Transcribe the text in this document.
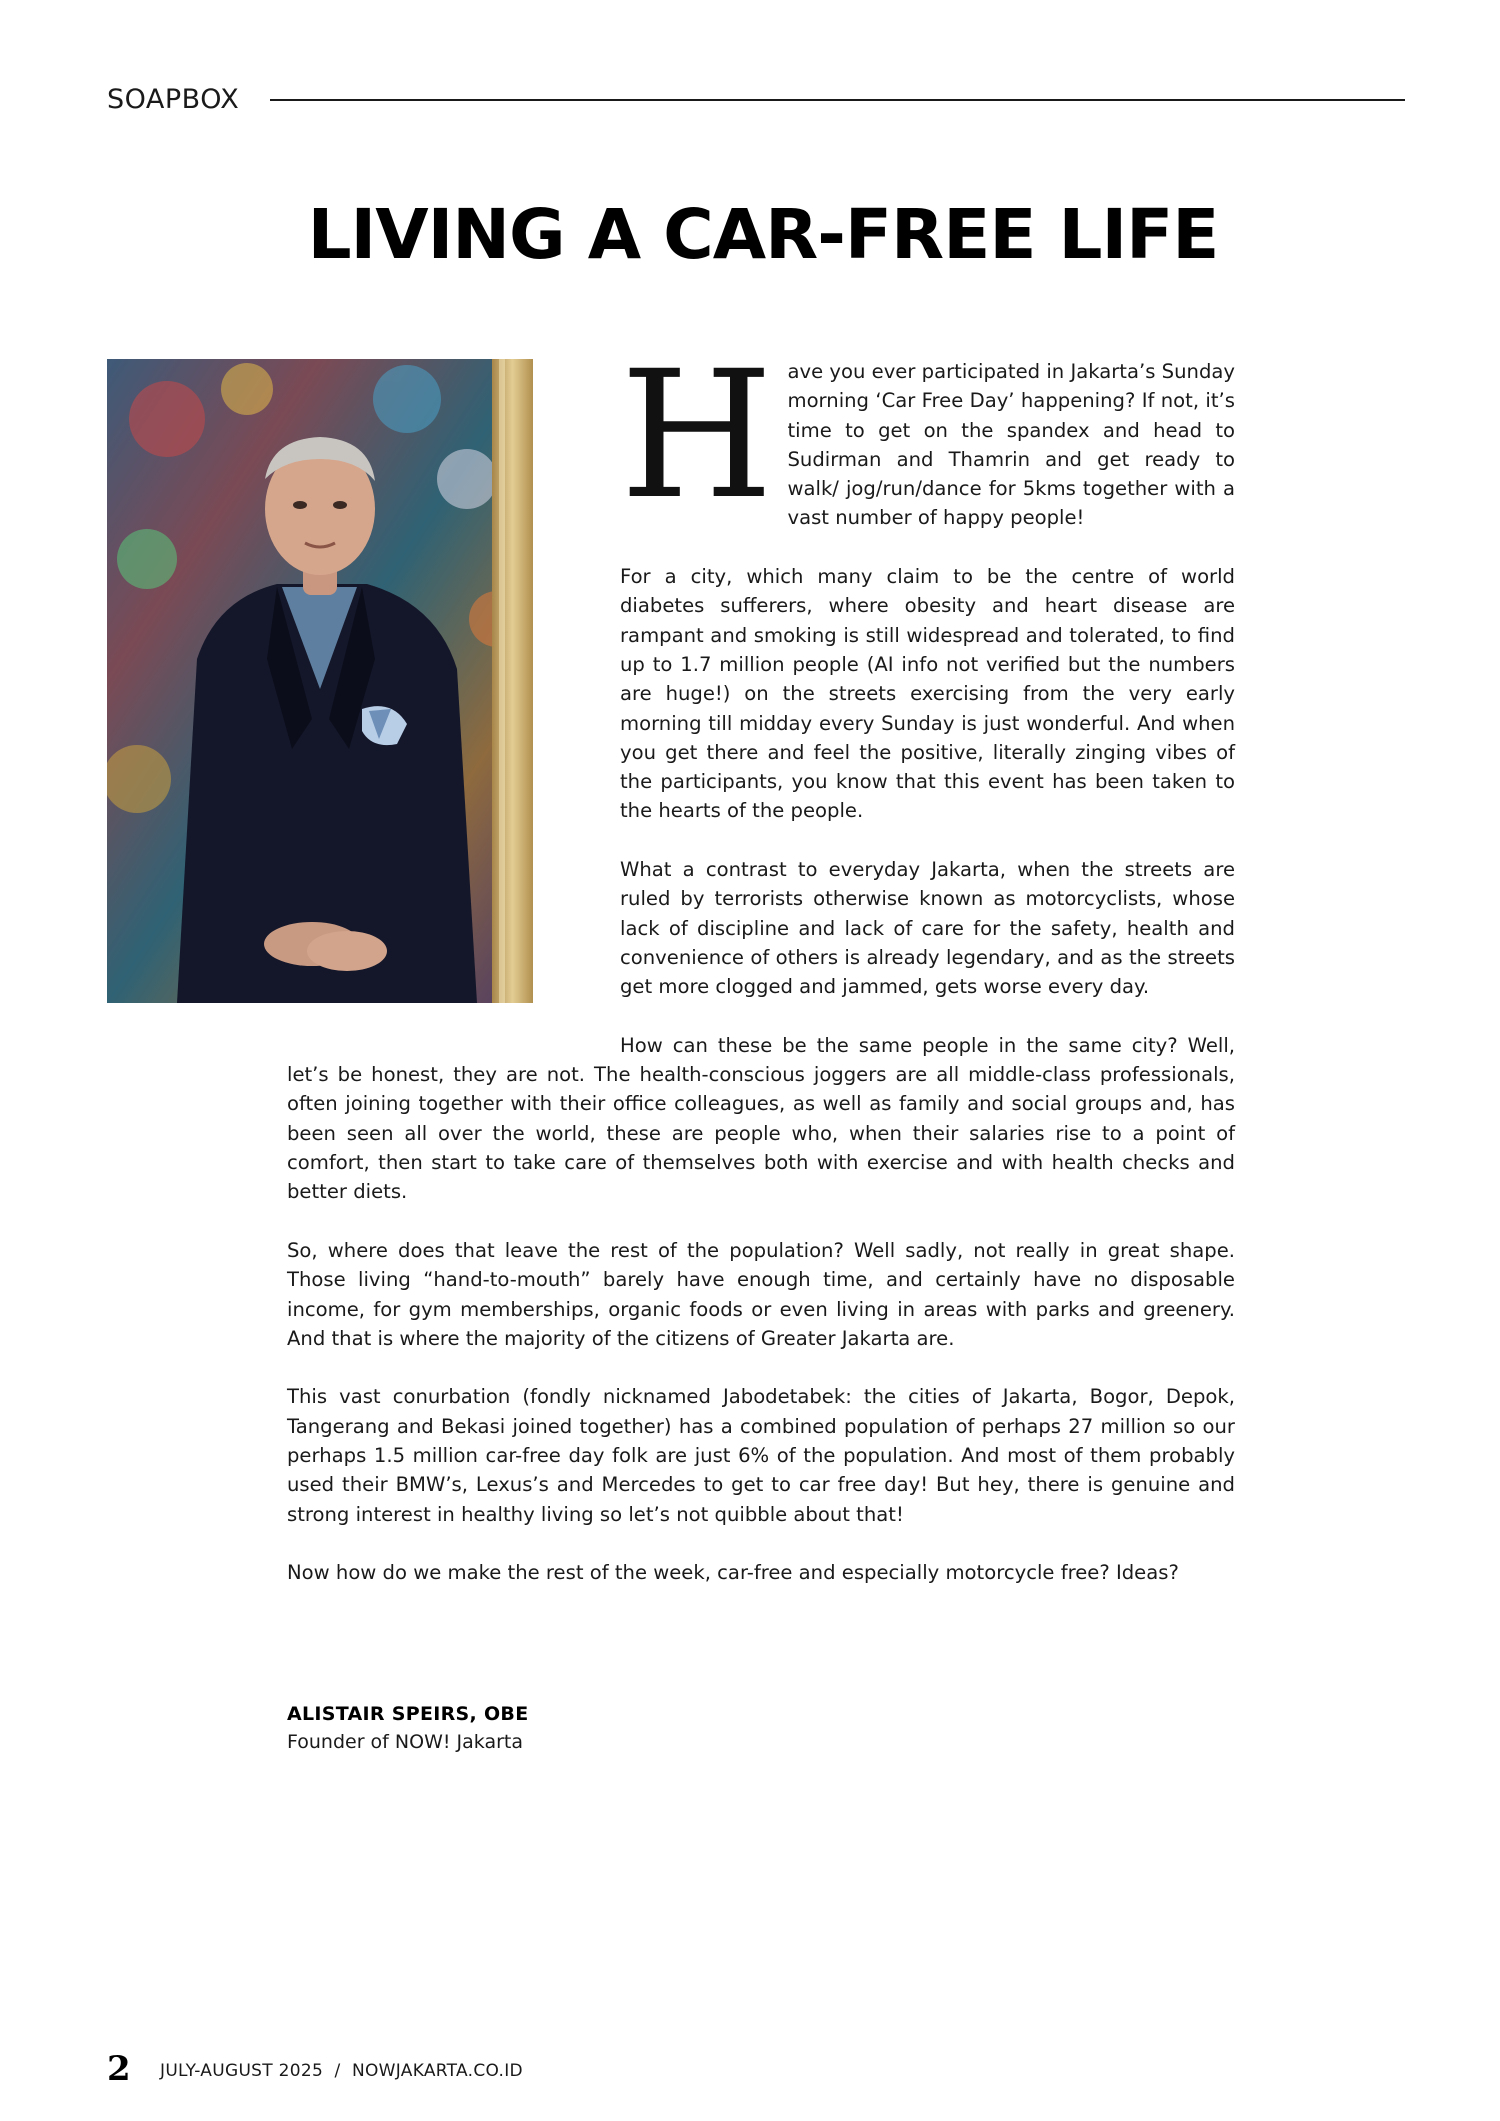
SOAPBOX
LIVING A CAR-FREE LIFE

Have you ever participated in Jakarta’s Sunday morning ‘Car Free Day’ happening? If not, it’s time to get on the spandex and head to Sudirman and Thamrin and get ready to walk/ jog/run/dance for 5kms together with a vast number of happy people!

For a city, which many claim to be the centre of world diabetes sufferers, where obesity and heart disease are rampant and smoking is still widespread and tolerated, to find up to 1.7 million people (AI info not verified but the numbers are huge!) on the streets exercising from the very early morning till midday every Sunday is just wonderful. And when you get there and feel the positive, literally zinging vibes of the participants, you know that this event has been taken to the hearts of the people.

What a contrast to everyday Jakarta, when the streets are ruled by terrorists otherwise known as motorcyclists, whose lack of discipline and lack of care for the safety, health and convenience of others is already legendary, and as the streets get more clogged and jammed, gets worse every day.

How can these be the same people in the same city? Well, let’s be honest, they are not. The health-conscious joggers are all middle-class professionals, often joining together with their office colleagues, as well as family and social groups and, has been seen all over the world, these are people who, when their salaries rise to a point of comfort, then start to take care of themselves both with exercise and with health checks and better diets.

So, where does that leave the rest of the population? Well sadly, not really in great shape. Those living “hand-to-mouth” barely have enough time, and certainly have no disposable income, for gym memberships, organic foods or even living in areas with parks and greenery. And that is where the majority of the citizens of Greater Jakarta are.

This vast conurbation (fondly nicknamed Jabodetabek: the cities of Jakarta, Bogor, Depok, Tangerang and Bekasi joined together) has a combined population of perhaps 27 million so our perhaps 1.5 million car-free day folk are just 6% of the population. And most of them probably used their BMW’s, Lexus’s and Mercedes to get to car free day! But hey, there is genuine and strong interest in healthy living so let’s not quibble about that!

Now how do we make the rest of the week, car-free and especially motorcycle free? Ideas?

ALISTAIR SPEIRS, OBE
Founder of NOW! Jakarta
2 JULY-AUGUST 2025  /  NOWJAKARTA.CO.ID
